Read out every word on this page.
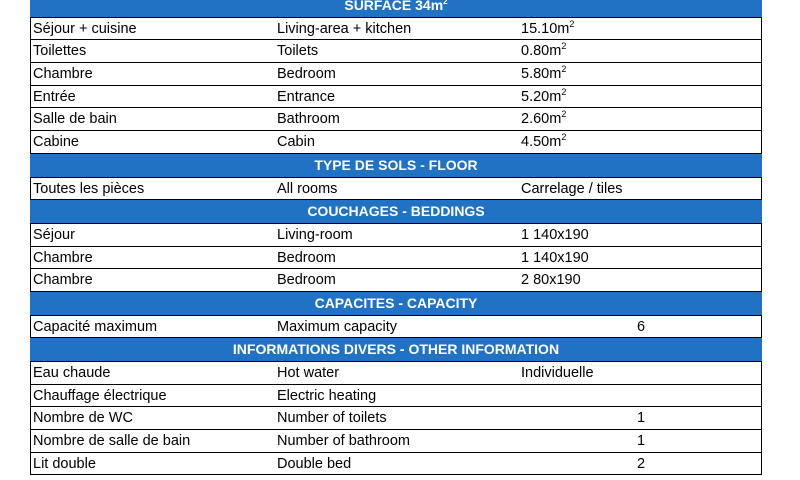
SURFACE $34m^2$
Séjour + cuisine	Living-area + kitchen	$15.10m^2$
Toilettes	Toilets	$0.80m^2$
Chambre	Bedroom	$5.80m^2$
Entrée	Entrance	$5.20m^2$
Salle de bain	Bathroom	$2.60m^2$
Cabine	Cabin	$4.50m^2$
TYPE DE SOLS - FLOOR
Toutes les pièces	All rooms	Carrelage / tiles
COUCHAGES - BEDDINGS
Séjour	Living-room	1 140x190
Chambre	Bedroom	1 140x190
Chambre	Bedroom	2 80x190
CAPACITES - CAPACITY
Capacité maximum	Maximum capacity	6
INFORMATIONS DIVERS - OTHER INFORMATION
Eau chaude	Hot water	Individuelle
Chauffage électrique	Electric heating
Nombre de WC	Number of toilets	1
Nombre de salle de bain	Number of bathroom	1
Lit double	Double bed	2
